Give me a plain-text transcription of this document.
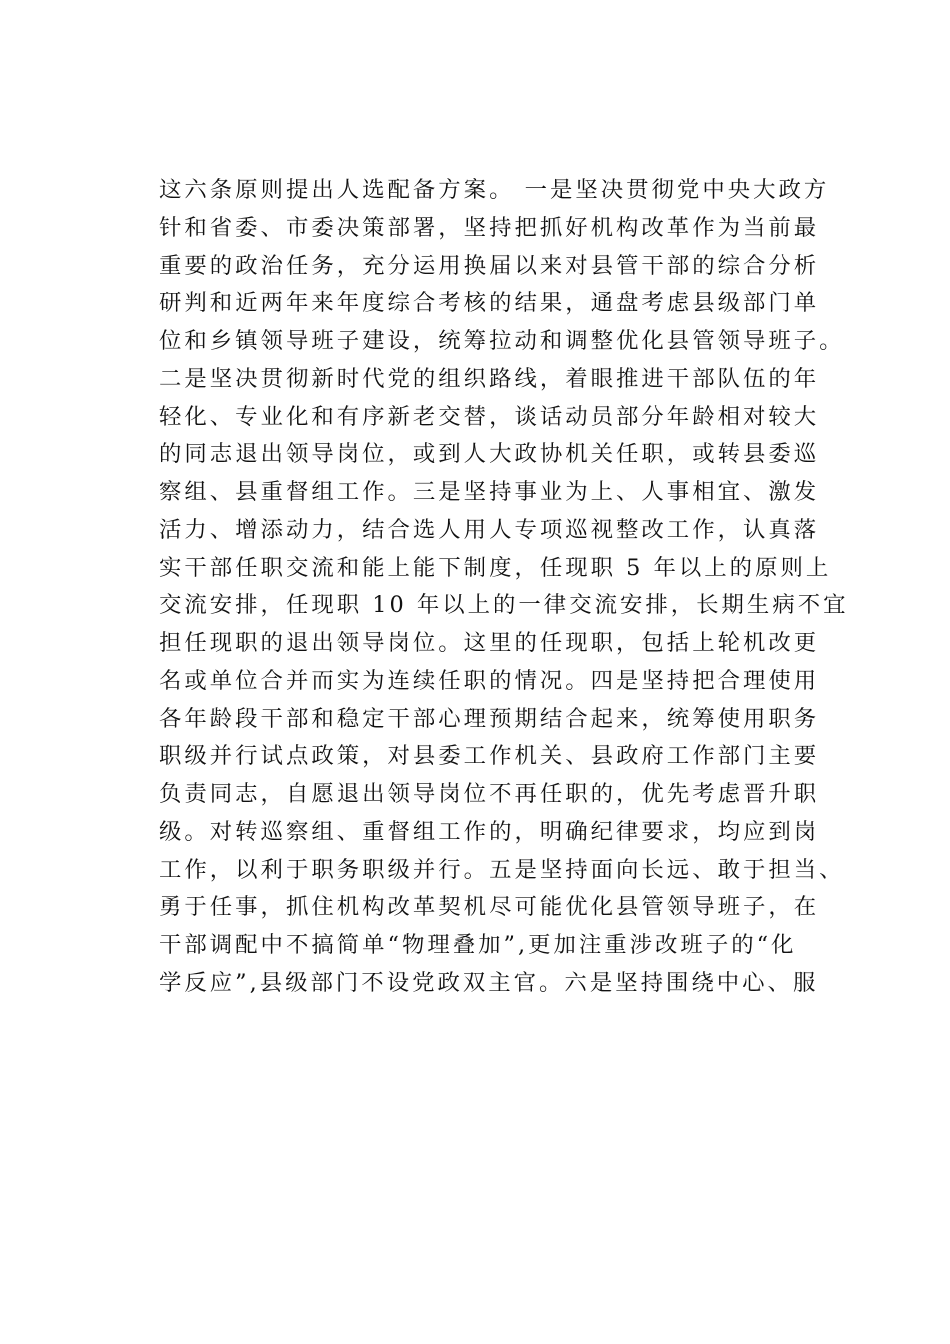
这六条原则提出人选配备方案。 一是坚决贯彻党中央大政方
针和省委、市委决策部署，坚持把抓好机构改革作为当前最
重要的政治任务，充分运用换届以来对县管干部的综合分析
研判和近两年来年度综合考核的结果，通盘考虑县级部门单
位和乡镇领导班子建设，统筹拉动和调整优化县管领导班子。
二是坚决贯彻新时代党的组织路线，着眼推进干部队伍的年
轻化、专业化和有序新老交替，谈话动员部分年龄相对较大
的同志退出领导岗位，或到人大政协机关任职，或转县委巡
察组、县重督组工作。三是坚持事业为上、人事相宜、激发
活力、增添动力，结合选人用人专项巡视整改工作，认真落
实干部任职交流和能上能下制度，任现职 5 年以上的原则上
交流安排，任现职 10 年以上的一律交流安排，长期生病不宜
担任现职的退出领导岗位。这里的任现职，包括上轮机改更
名或单位合并而实为连续任职的情况。四是坚持把合理使用
各年龄段干部和稳定干部心理预期结合起来，统筹使用职务
职级并行试点政策，对县委工作机关、县政府工作部门主要
负责同志，自愿退出领导岗位不再任职的，优先考虑晋升职
级。对转巡察组、重督组工作的，明确纪律要求，均应到岗
工作，以利于职务职级并行。五是坚持面向长远、敢于担当、
勇于任事，抓住机构改革契机尽可能优化县管领导班子，在
干部调配中不搞简单“物理叠加”,更加注重涉改班子的“化
学反应”,县级部门不设党政双主官。六是坚持围绕中心、服
